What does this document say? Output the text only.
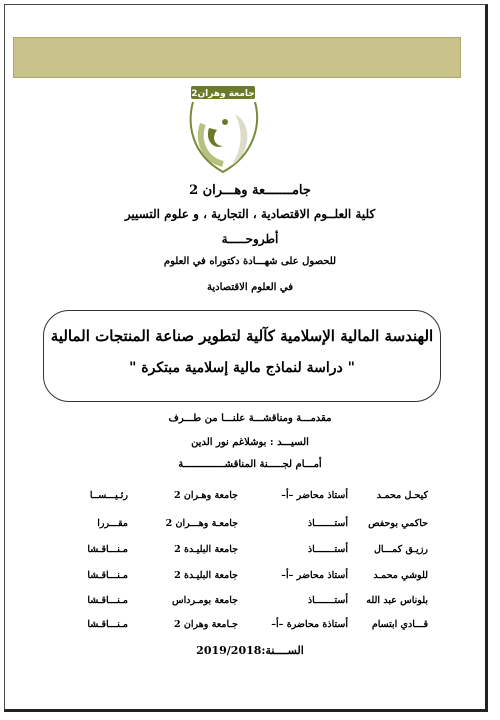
جامعة وهران2
جامـــــــعة وهـــران 2
كلية العلــوم الاقتصادية ، التجارية ، و علوم التسيير
أطروحـــــة
للحصول على شهـــادة دكتوراه في العلوم
في العلوم الاقتصادية
الهندسة المالية الإسلامية كآلية لتطوير صناعة المنتجات المالية
" دراسة لنماذج مالية إسلامية مبتكرة "
مقدمـــة ومناقشـــة علنـــا من طـــرف
السيـــد : بوشلاغم نور الدين
أمـــام لجـــــنة المناقشــــــــــــــة
كيحـل محمـد
أستاذ محاضر –أ–
جامعة وهـران 2
رئـيـــســا
حاكمي بوحفص
أستـــــــاذ
جامعـة وهـــران 2
مقـــررا
رزيـق كمـــال
أستـــــــاذ
جامعة البليـدة 2
مـنـــاقـشا
للوشي محمـد
أستاذ محاضر –أ–
جامعة البليـدة 2
مـنـــاقـشا
بلوناس عبد الله
أستـــــــاذ
جامعة بومـرداس
مـنـــاقـشا
قـــادي ابتسام
أستاذة محاضرة –أ–
جـامعة وهران 2
مـنـــاقـشا
الســــنة:2019/2018
